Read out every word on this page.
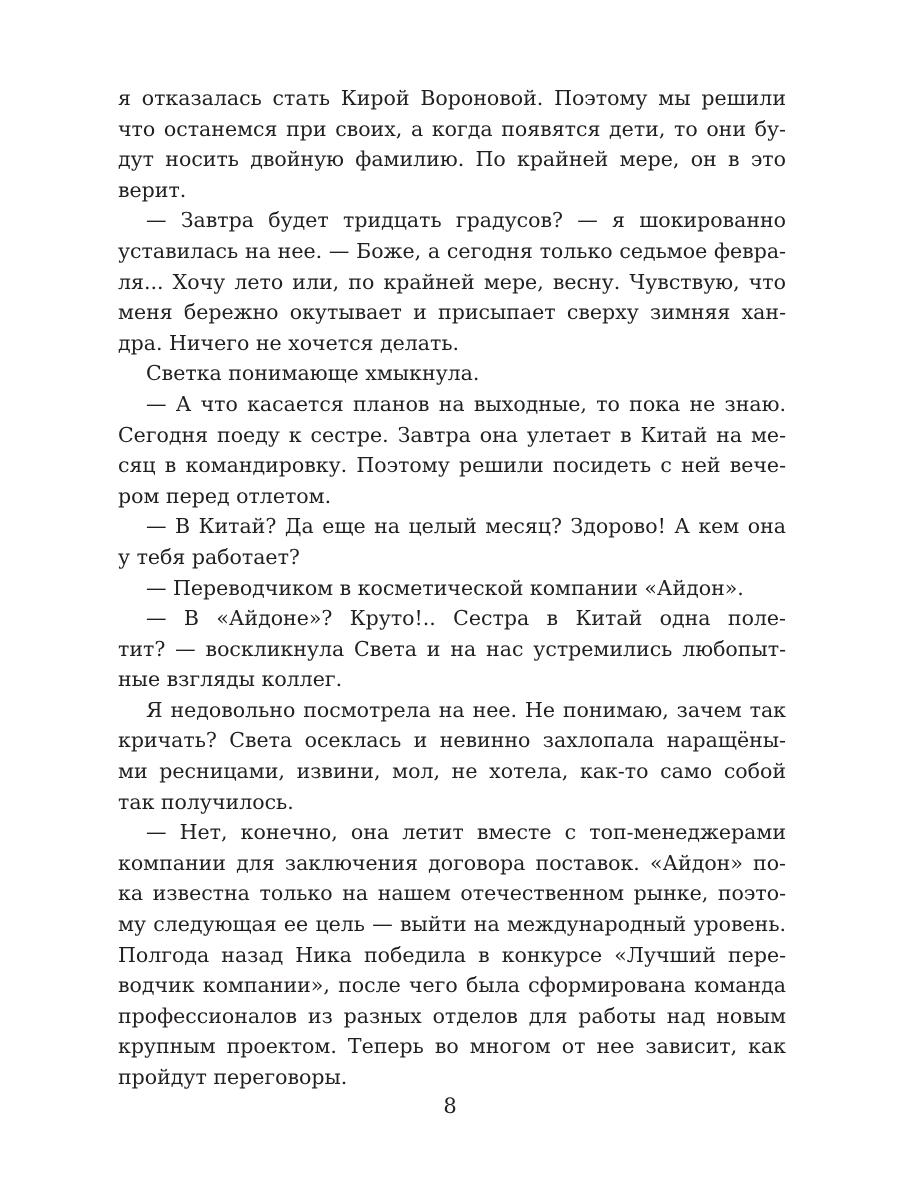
я отказалась стать Кирой Вороновой. Поэтому мы решили
что останемся при своих, а когда появятся дети, то они бу-
дут носить двойную фамилию. По крайней мере, он в это
верит.
— Завтра будет тридцать градусов? — я шокированно
уставилась на нее. — Боже, а сегодня только седьмое февра-
ля... Хочу лето или, по крайней мере, весну. Чувствую, что
меня бережно окутывает и присыпает сверху зимняя хан-
дра. Ничего не хочется делать.
Светка понимающе хмыкнула.
— А что касается планов на выходные, то пока не знаю.
Сегодня поеду к сестре. Завтра она улетает в Китай на ме-
сяц в командировку. Поэтому решили посидеть с ней вече-
ром перед отлетом.
— В Китай? Да еще на целый месяц? Здорово! А кем она
у тебя работает?
— Переводчиком в косметической компании «Айдон».
— В «Айдоне»? Круто!.. Сестра в Китай одна поле-
тит? — воскликнула Света и на нас устремились любопыт-
ные взгляды коллег.
Я недовольно посмотрела на нее. Не понимаю, зачем так
кричать? Света осеклась и невинно захлопала наращёны-
ми ресницами, извини, мол, не хотела, как-то само собой
так получилось.
— Нет, конечно, она летит вместе с топ-менеджерами
компании для заключения договора поставок. «Айдон» по-
ка известна только на нашем отечественном рынке, поэто-
му следующая ее цель — выйти на международный уровень.
Полгода назад Ника победила в конкурсе «Лучший пере-
водчик компании», после чего была сформирована команда
профессионалов из разных отделов для работы над новым
крупным проектом. Теперь во многом от нее зависит, как
пройдут переговоры.
8
